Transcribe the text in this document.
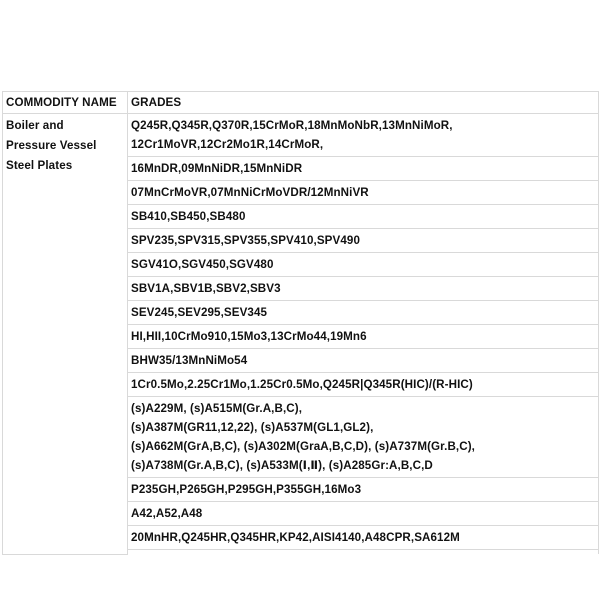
COMMODITY NAME	GRADES

Boiler and
Pressure Vessel
Steel Plates	Q245R,Q345R,Q370R,15CrMoR,18MnMoNbR,13MnNiMoR,
12Cr1MoVR,12Cr2Mo1R,14CrMoR,

	16MnDR,09MnNiDR,15MnNiDR

	07MnCrMoVR,07MnNiCrMoVDR/12MnNiVR

	SB410,SB450,SB480

	SPV235,SPV315,SPV355,SPV410,SPV490

	SGV41O,SGV450,SGV480

	SBV1A,SBV1B,SBV2,SBV3

	SEV245,SEV295,SEV345

	HI,HII,10CrMo910,15Mo3,13CrMo44,19Mn6

	BHW35/13MnNiMo54

	1Cr0.5Mo,2.25Cr1Mo,1.25Cr0.5Mo,Q245R|Q345R(HIC)/(R-HIC)

	(s)A229M, (s)A515M(Gr.A,B,C),
(s)A387M(GR11,12,22), (s)A537M(GL1,GL2),
(s)A662M(GrA,B,C), (s)A302M(GraA,B,C,D), (s)A737M(Gr.B,C),
(s)A738M(Gr.A,B,C), (s)A533M(Ⅰ,Ⅱ), (s)A285Gr:A,B,C,D

	P235GH,P265GH,P295GH,P355GH,16Mo3

	A42,A52,A48

	20MnHR,Q245HR,Q345HR,KP42,AISI4140,A48CPR,SA612M
